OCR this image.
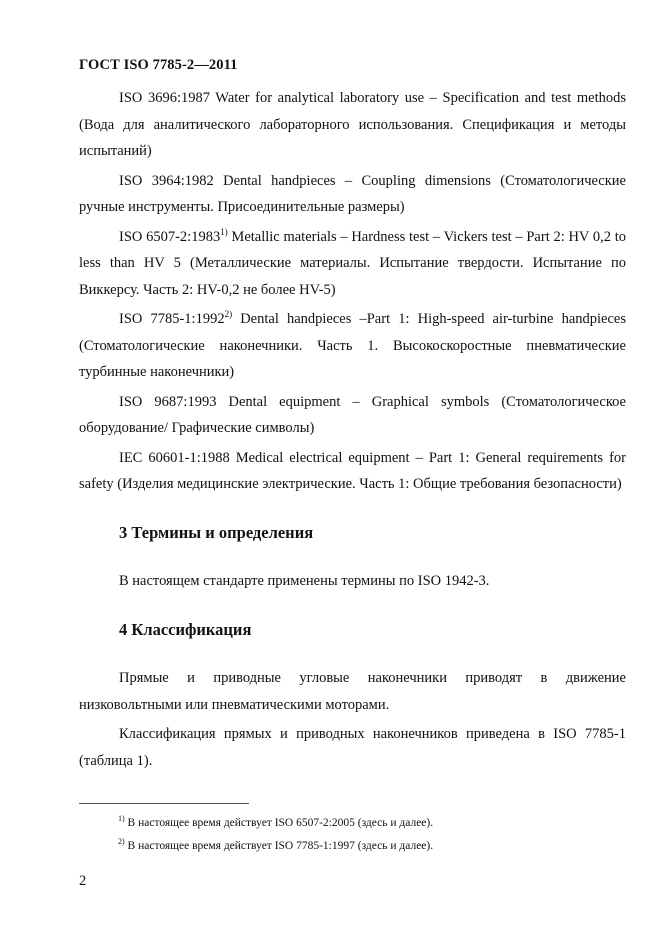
ГОСТ ISO 7785-2—2011

ISO 3696:1987 Water for analytical laboratory use – Specification and test methods (Вода для аналитического лабораторного использования. Спецификация и методы испытаний)

ISO 3964:1982 Dental handpieces – Coupling dimensions (Стоматологические ручные инструменты. Присоединительные размеры)

ISO 6507-2:1983$^{1)}$ Metallic materials – Hardness test – Vickers test – Part 2: HV 0,2 to less than HV 5 (Металлические материалы. Испытание твердости. Испытание по Виккерсу. Часть 2: HV-0,2 не более HV-5)

ISO 7785-1:1992$^{2)}$ Dental handpieces –Part 1: High-speed air-turbine handpieces (Стоматологические наконечники. Часть 1. Высокоскоростные пневматические турбинные наконечники)

ISO 9687:1993 Dental equipment – Graphical symbols (Стоматологическое оборудование/ Графические символы)

IEC 60601-1:1988 Medical electrical equipment – Part 1: General requirements for safety (Изделия медицинские электрические. Часть 1: Общие требования безопасности)

3 Термины и определения

В настоящем стандарте применены термины по ISO 1942-3.

4 Классификация

Прямые и приводные угловые наконечники приводят в движение низковольтными или пневматическими моторами.

Классификация прямых и приводных наконечников приведена в ISO 7785-1 (таблица 1).

$^{1)}$ В настоящее время действует ISO 6507-2:2005 (здесь и далее).
$^{2)}$ В настоящее время действует ISO 7785-1:1997 (здесь и далее).
2
